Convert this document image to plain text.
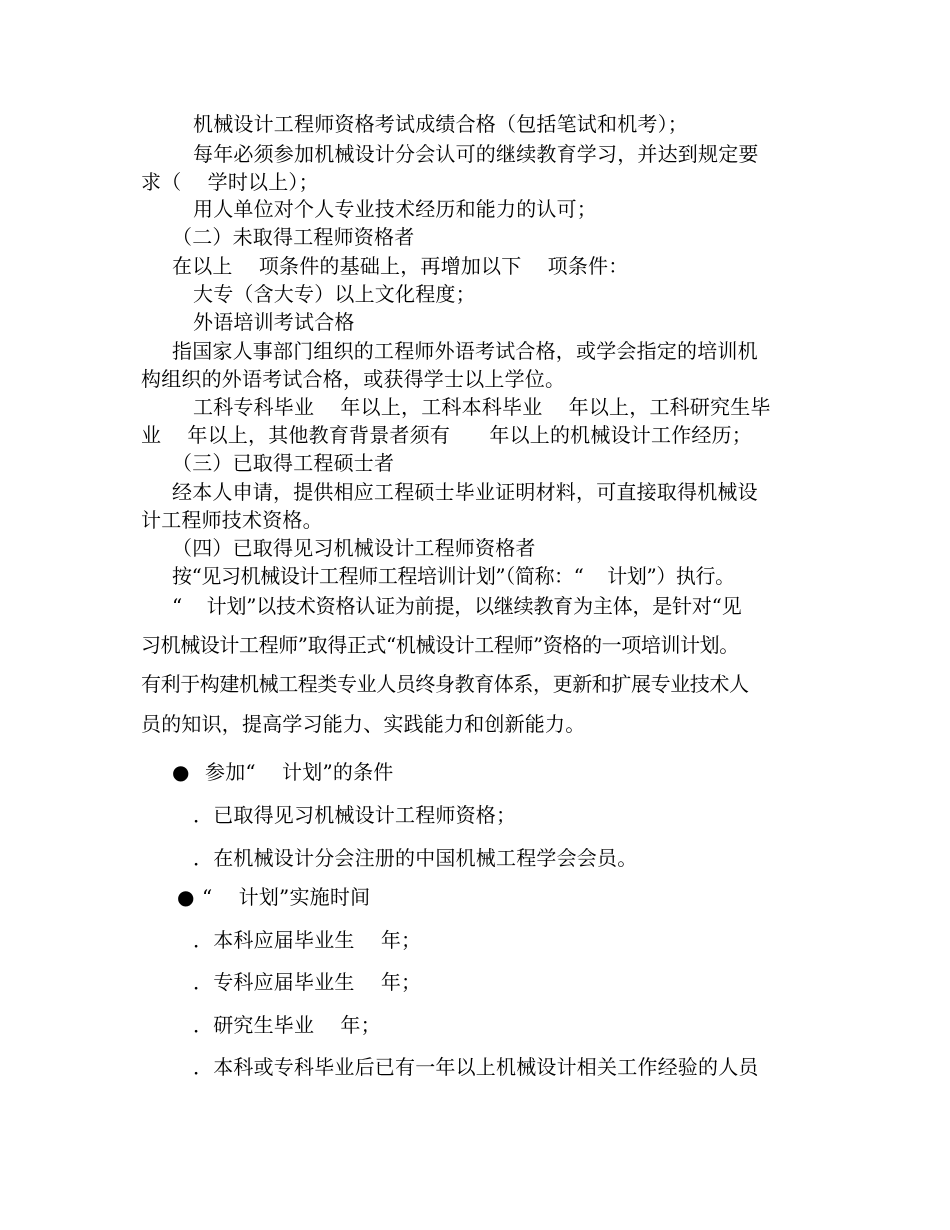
机械设计工程师资格考试成绩合格（包括笔试和机考）；
每年必须参加机械设计分会认可的继续教育学习，并达到规定要
求（    学时以上）；
用人单位对个人专业技术经历和能力的认可；
（二）未取得工程师资格者
在以上    项条件的基础上，再增加以下    项条件：
大专（含大专）以上文化程度；
外语培训考试合格
指国家人事部门组织的工程师外语考试合格，或学会指定的培训机
构组织的外语考试合格，或获得学士以上学位。
工科专科毕业    年以上，工科本科毕业    年以上，工科研究生毕
业    年以上，其他教育背景者须有      年以上的机械设计工作经历；
（三）已取得工程硕士者
经本人申请，提供相应工程硕士毕业证明材料，可直接取得机械设
计工程师技术资格。
（四）已取得见习机械设计工程师资格者
按“见习机械设计工程师工程培训计划”（简称：“    计划”）执行。
“    计划”以技术资格认证为前提，以继续教育为主体，是针对“见
习机械设计工程师”取得正式“机械设计工程师”资格的一项培训计划。
有利于构建机械工程类专业人员终身教育体系，更新和扩展专业技术人
员的知识，提高学习能力、实践能力和创新能力。
● 参加“    计划”的条件
．已取得见习机械设计工程师资格；
．在机械设计分会注册的中国机械工程学会会员。
● “    计划”实施时间
．本科应届毕业生    年；
．专科应届毕业生    年；
．研究生毕业    年；
．本科或专科毕业后已有一年以上机械设计相关工作经验的人员
